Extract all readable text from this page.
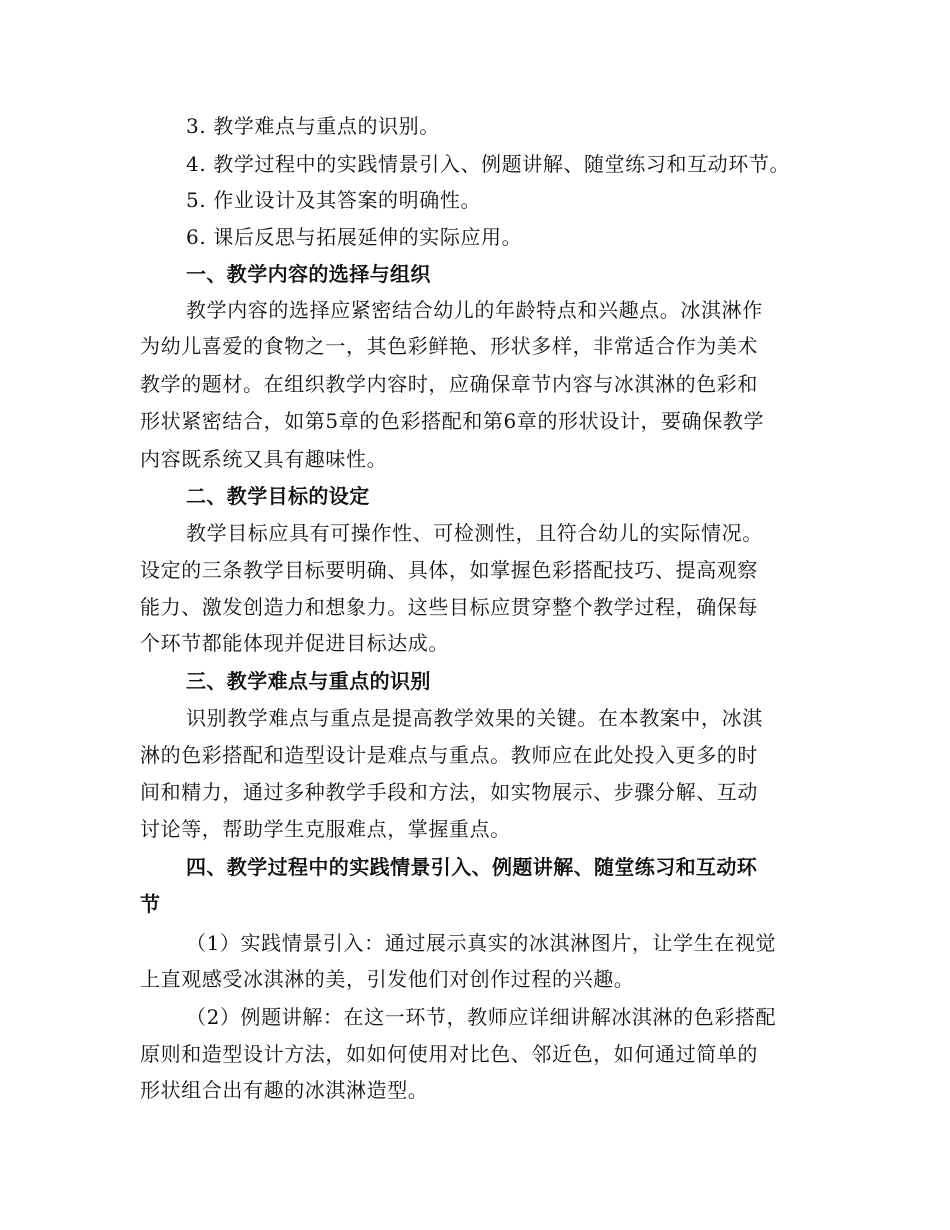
3. 教学难点与重点的识别。
4. 教学过程中的实践情景引入、例题讲解、随堂练习和互动环节。
5. 作业设计及其答案的明确性。
6. 课后反思与拓展延伸的实际应用。
一、教学内容的选择与组织
教学内容的选择应紧密结合幼儿的年龄特点和兴趣点。冰淇淋作
为幼儿喜爱的食物之一，其色彩鲜艳、形状多样，非常适合作为美术
教学的题材。在组织教学内容时，应确保章节内容与冰淇淋的色彩和
形状紧密结合，如第5章的色彩搭配和第6章的形状设计，要确保教学
内容既系统又具有趣味性。
二、教学目标的设定
教学目标应具有可操作性、可检测性，且符合幼儿的实际情况。
设定的三条教学目标要明确、具体，如掌握色彩搭配技巧、提高观察
能力、激发创造力和想象力。这些目标应贯穿整个教学过程，确保每
个环节都能体现并促进目标达成。
三、教学难点与重点的识别
识别教学难点与重点是提高教学效果的关键。在本教案中，冰淇
淋的色彩搭配和造型设计是难点与重点。教师应在此处投入更多的时
间和精力，通过多种教学手段和方法，如实物展示、步骤分解、互动
讨论等，帮助学生克服难点，掌握重点。
四、教学过程中的实践情景引入、例题讲解、随堂练习和互动环
节
（1）实践情景引入：通过展示真实的冰淇淋图片，让学生在视觉
上直观感受冰淇淋的美，引发他们对创作过程的兴趣。
（2）例题讲解：在这一环节，教师应详细讲解冰淇淋的色彩搭配
原则和造型设计方法，如如何使用对比色、邻近色，如何通过简单的
形状组合出有趣的冰淇淋造型。
